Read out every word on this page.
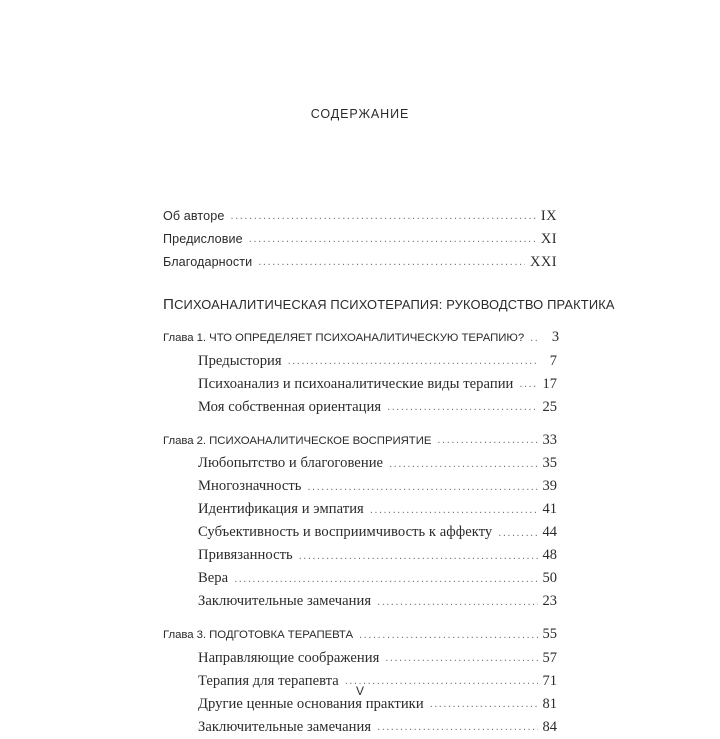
СОДЕРЖАНИЕ
Об авторе .....	IX
Предисловие .....	XI
Благодарности .....	XXI
ПСИХОАНАЛИТИЧЕСКАЯ ПСИХОТЕРАПИЯ: РУКОВОДСТВО ПРАКТИКА
Глава 1. ЧТО ОПРЕДЕЛЯЕТ ПСИХОАНАЛИТИЧЕСКУЮ ТЕРАПИЮ? .....	3
Предыстория .....	7
Психоанализ и психоаналитические виды терапии ..... 17
Моя собственная ориентация .....	25
Глава 2. ПСИХОАНАЛИТИЧЕСКОЕ ВОСПРИЯТИЕ .....	33
Любопытство и благоговение .....	35
Многозначность .....	39
Идентификация и эмпатия .....	41
Субъективность и восприимчивость к аффекту .....	44
Привязанность .....	48
Вера .....	50
Заключительные замечания .....	23
Глава 3. ПОДГОТОВКА ТЕРАПЕВТА .....	55
Направляющие соображения .....	57
Терапия для терапевта .....	71
Другие ценные основания практики .....	81
Заключительные замечания .....	84
V
